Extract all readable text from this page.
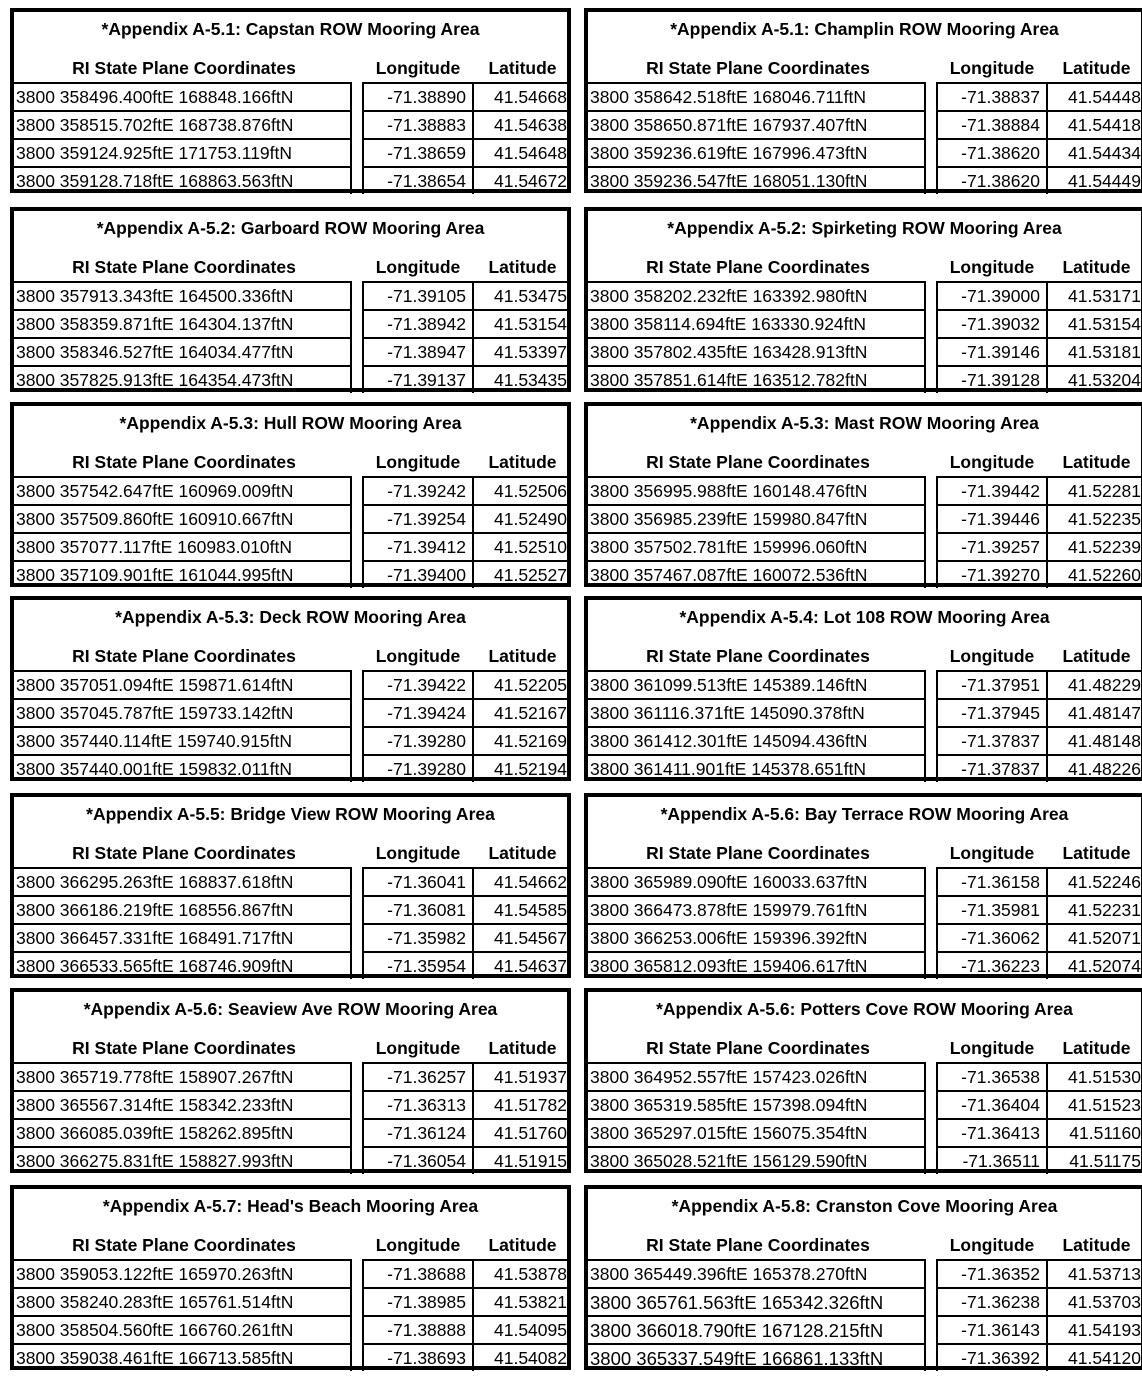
*Appendix A-5.1: Capstan ROW Mooring Area
RI State Plane Coordinates	Longitude	Latitude
3800 358496.400ftE 168848.166ftN	-71.38890	41.54668
3800 358515.702ftE 168738.876ftN	-71.38883	41.54638
3800 359124.925ftE 171753.119ftN	-71.38659	41.54648
3800 359128.718ftE 168863.563ftN	-71.38654	41.54672
*Appendix A-5.1: Champlin ROW Mooring Area
RI State Plane Coordinates	Longitude	Latitude
3800 358642.518ftE 168046.711ftN	-71.38837	41.54448
3800 358650.871ftE 167937.407ftN	-71.38884	41.54418
3800 359236.619ftE 167996.473ftN	-71.38620	41.54434
3800 359236.547ftE 168051.130ftN	-71.38620	41.54449
*Appendix A-5.2: Garboard ROW Mooring Area
RI State Plane Coordinates	Longitude	Latitude
3800 357913.343ftE 164500.336ftN	-71.39105	41.53475
3800 358359.871ftE 164304.137ftN	-71.38942	41.53154
3800 358346.527ftE 164034.477ftN	-71.38947	41.53397
3800 357825.913ftE 164354.473ftN	-71.39137	41.53435
*Appendix A-5.2: Spirketing ROW Mooring Area
RI State Plane Coordinates	Longitude	Latitude
3800 358202.232ftE 163392.980ftN	-71.39000	41.53171
3800 358114.694ftE 163330.924ftN	-71.39032	41.53154
3800 357802.435ftE 163428.913ftN	-71.39146	41.53181
3800 357851.614ftE 163512.782ftN	-71.39128	41.53204
*Appendix A-5.3: Hull ROW Mooring Area
RI State Plane Coordinates	Longitude	Latitude
3800 357542.647ftE 160969.009ftN	-71.39242	41.52506
3800 357509.860ftE 160910.667ftN	-71.39254	41.52490
3800 357077.117ftE 160983.010ftN	-71.39412	41.52510
3800 357109.901ftE 161044.995ftN	-71.39400	41.52527
*Appendix A-5.3: Mast ROW Mooring Area
RI State Plane Coordinates	Longitude	Latitude
3800 356995.988ftE 160148.476ftN	-71.39442	41.52281
3800 356985.239ftE 159980.847ftN	-71.39446	41.52235
3800 357502.781ftE 159996.060ftN	-71.39257	41.52239
3800 357467.087ftE 160072.536ftN	-71.39270	41.52260
*Appendix A-5.3: Deck ROW Mooring Area
RI State Plane Coordinates	Longitude	Latitude
3800 357051.094ftE 159871.614ftN	-71.39422	41.52205
3800 357045.787ftE 159733.142ftN	-71.39424	41.52167
3800 357440.114ftE 159740.915ftN	-71.39280	41.52169
3800 357440.001ftE 159832.011ftN	-71.39280	41.52194
*Appendix A-5.4: Lot 108 ROW Mooring Area
RI State Plane Coordinates	Longitude	Latitude
3800 361099.513ftE 145389.146ftN	-71.37951	41.48229
3800 361116.371ftE 145090.378ftN	-71.37945	41.48147
3800 361412.301ftE 145094.436ftN	-71.37837	41.48148
3800 361411.901ftE 145378.651ftN	-71.37837	41.48226
*Appendix A-5.5: Bridge View ROW Mooring Area
RI State Plane Coordinates	Longitude	Latitude
3800 366295.263ftE 168837.618ftN	-71.36041	41.54662
3800 366186.219ftE 168556.867ftN	-71.36081	41.54585
3800 366457.331ftE 168491.717ftN	-71.35982	41.54567
3800 366533.565ftE 168746.909ftN	-71.35954	41.54637
*Appendix A-5.6: Bay Terrace ROW Mooring Area
RI State Plane Coordinates	Longitude	Latitude
3800 365989.090ftE 160033.637ftN	-71.36158	41.52246
3800 366473.878ftE 159979.761ftN	-71.35981	41.52231
3800 366253.006ftE 159396.392ftN	-71.36062	41.52071
3800 365812.093ftE 159406.617ftN	-71.36223	41.52074
*Appendix A-5.6: Seaview Ave ROW Mooring Area
RI State Plane Coordinates	Longitude	Latitude
3800 365719.778ftE 158907.267ftN	-71.36257	41.51937
3800 365567.314ftE 158342.233ftN	-71.36313	41.51782
3800 366085.039ftE 158262.895ftN	-71.36124	41.51760
3800 366275.831ftE 158827.993ftN	-71.36054	41.51915
*Appendix A-5.6: Potters Cove ROW Mooring Area
RI State Plane Coordinates	Longitude	Latitude
3800 364952.557ftE 157423.026ftN	-71.36538	41.51530
3800 365319.585ftE 157398.094ftN	-71.36404	41.51523
3800 365297.015ftE 156075.354ftN	-71.36413	41.51160
3800 365028.521ftE 156129.590ftN	-71.36511	41.51175
*Appendix A-5.7: Head's Beach Mooring Area
RI State Plane Coordinates	Longitude	Latitude
3800 359053.122ftE 165970.263ftN	-71.38688	41.53878
3800 358240.283ftE 165761.514ftN	-71.38985	41.53821
3800 358504.560ftE 166760.261ftN	-71.38888	41.54095
3800 359038.461ftE 166713.585ftN	-71.38693	41.54082
*Appendix A-5.8: Cranston Cove Mooring Area
RI State Plane Coordinates	Longitude	Latitude
3800 365449.396ftE 165378.270ftN	-71.36352	41.53713
3800 365761.563ftE 165342.326ftN	-71.36238	41.53703
3800 366018.790ftE 167128.215ftN	-71.36143	41.54193
3800 365337.549ftE 166861.133ftN	-71.36392	41.54120
